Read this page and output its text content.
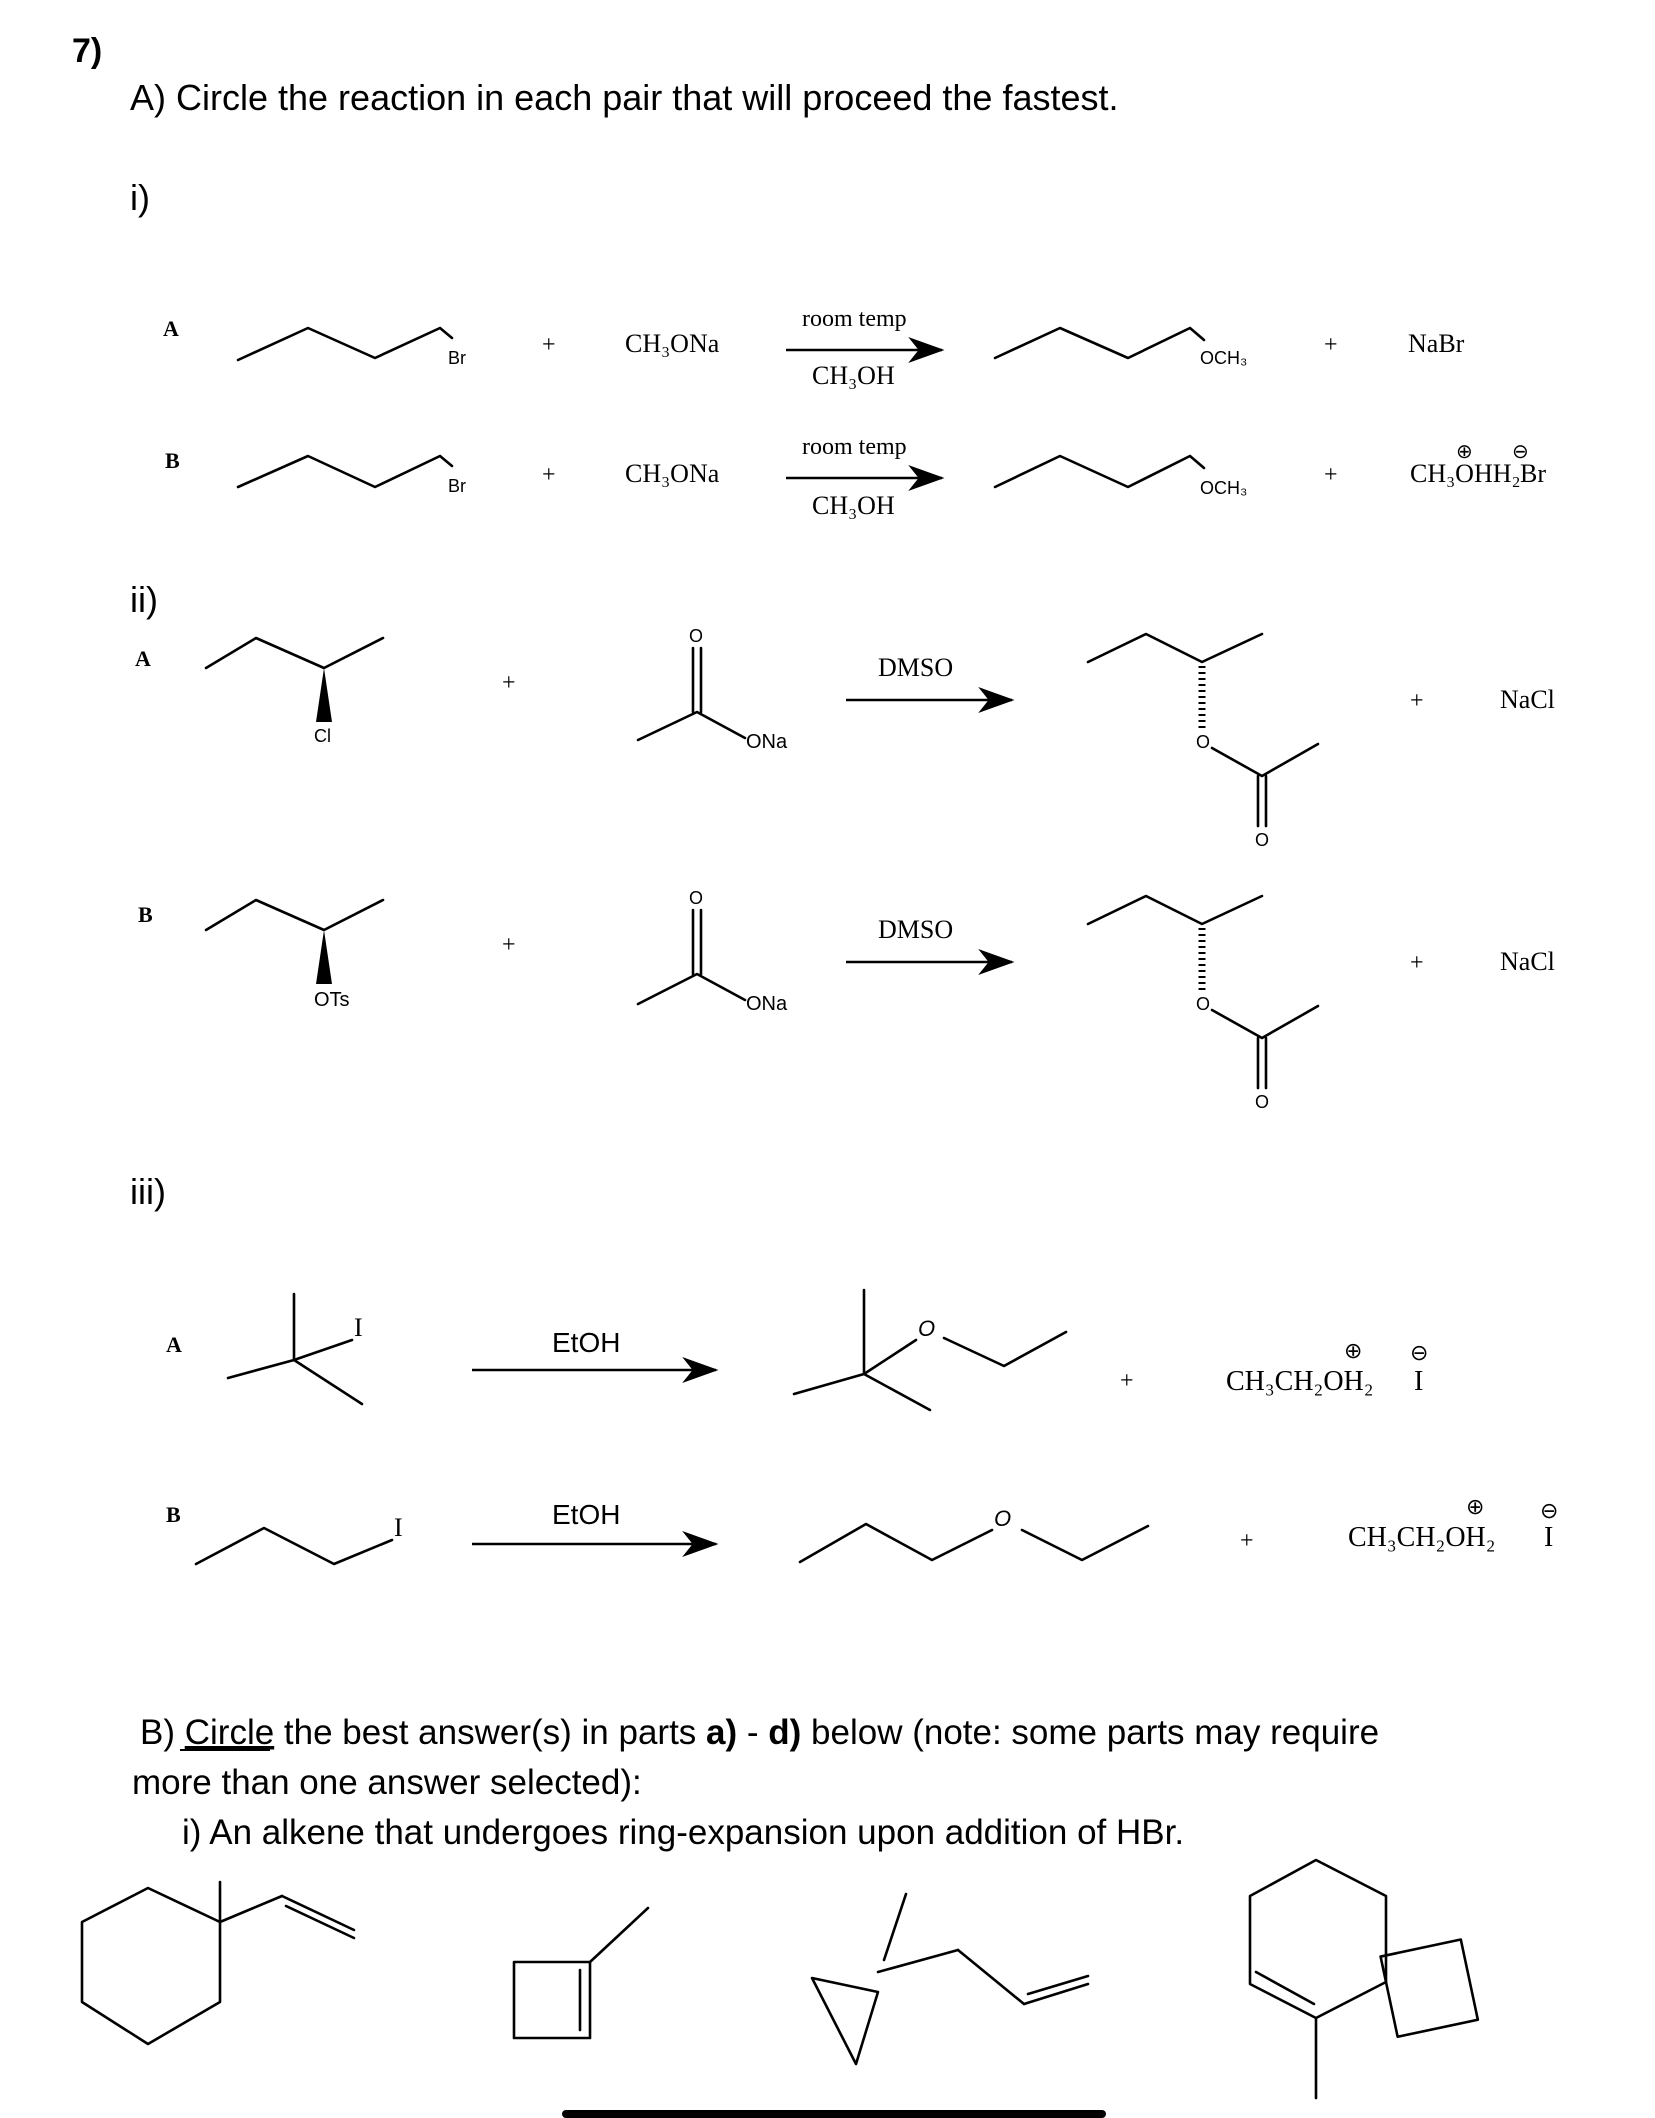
7)
A) Circle the reaction in each pair that will proceed the fastest.
i)
A
Br	+	CH₃ONa
room temp
CH₃OH
OCH₃	+	NaBr
B
Br	+	CH₃ONa
room temp
CH₃OH
OCH₃	+
⊕ ⊖
CH₃OHH₂ Br
ii)
A
Cl
+
O
ONa
DMSO
O
O
+	NaCl
B
OTs
+
O
ONa
DMSO
O
O
+	NaCl
iii)
A
I	EtOH	O
+
⊕ ⊖
CH₃CH₂OH₂ I
B	I	EtOH	O
+
⊕	⊖
CH₃CH₂OH₂ I
B) Circle the best answer(s) in parts a) - d) below (note: some parts may require
more than one answer selected):
i) An alkene that undergoes ring-expansion upon addition of HBr.
